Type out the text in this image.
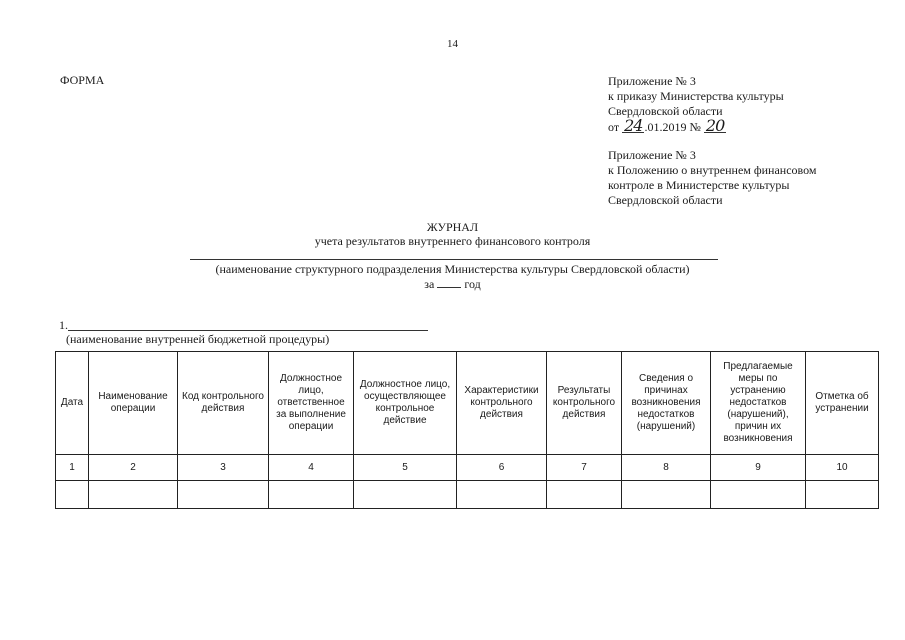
14
ФОРМА	Приложение № 3
к приказу Министерства культуры
Свердловской области
от 24 .01.2019 № 20
Приложение № 3
к Положению о внутреннем финансовом
контроле в Министерстве культуры
Свердловской области
ЖУРНАЛ
учета результатов внутреннего финансового контроля
(наименование структурного подразделения Министерства культуры Свердловской области)
за	год
1.
(наименование внутренней бюджетной процедуры)
Дата	Наименование операции	Код контрольного действия	Должностное лицо, ответственное за выполнение операции	Должностное лицо, осуществляющее контрольное действие	Характеристики контрольного действия	Результаты контрольного действия	Сведения о причинах возникновения недостатков (нарушений)	Предлагаемые меры по устранению недостатков (нарушений), причин их возникновения	Отметка об устранении
1	2	3	4	5	6	7	8	9	10
